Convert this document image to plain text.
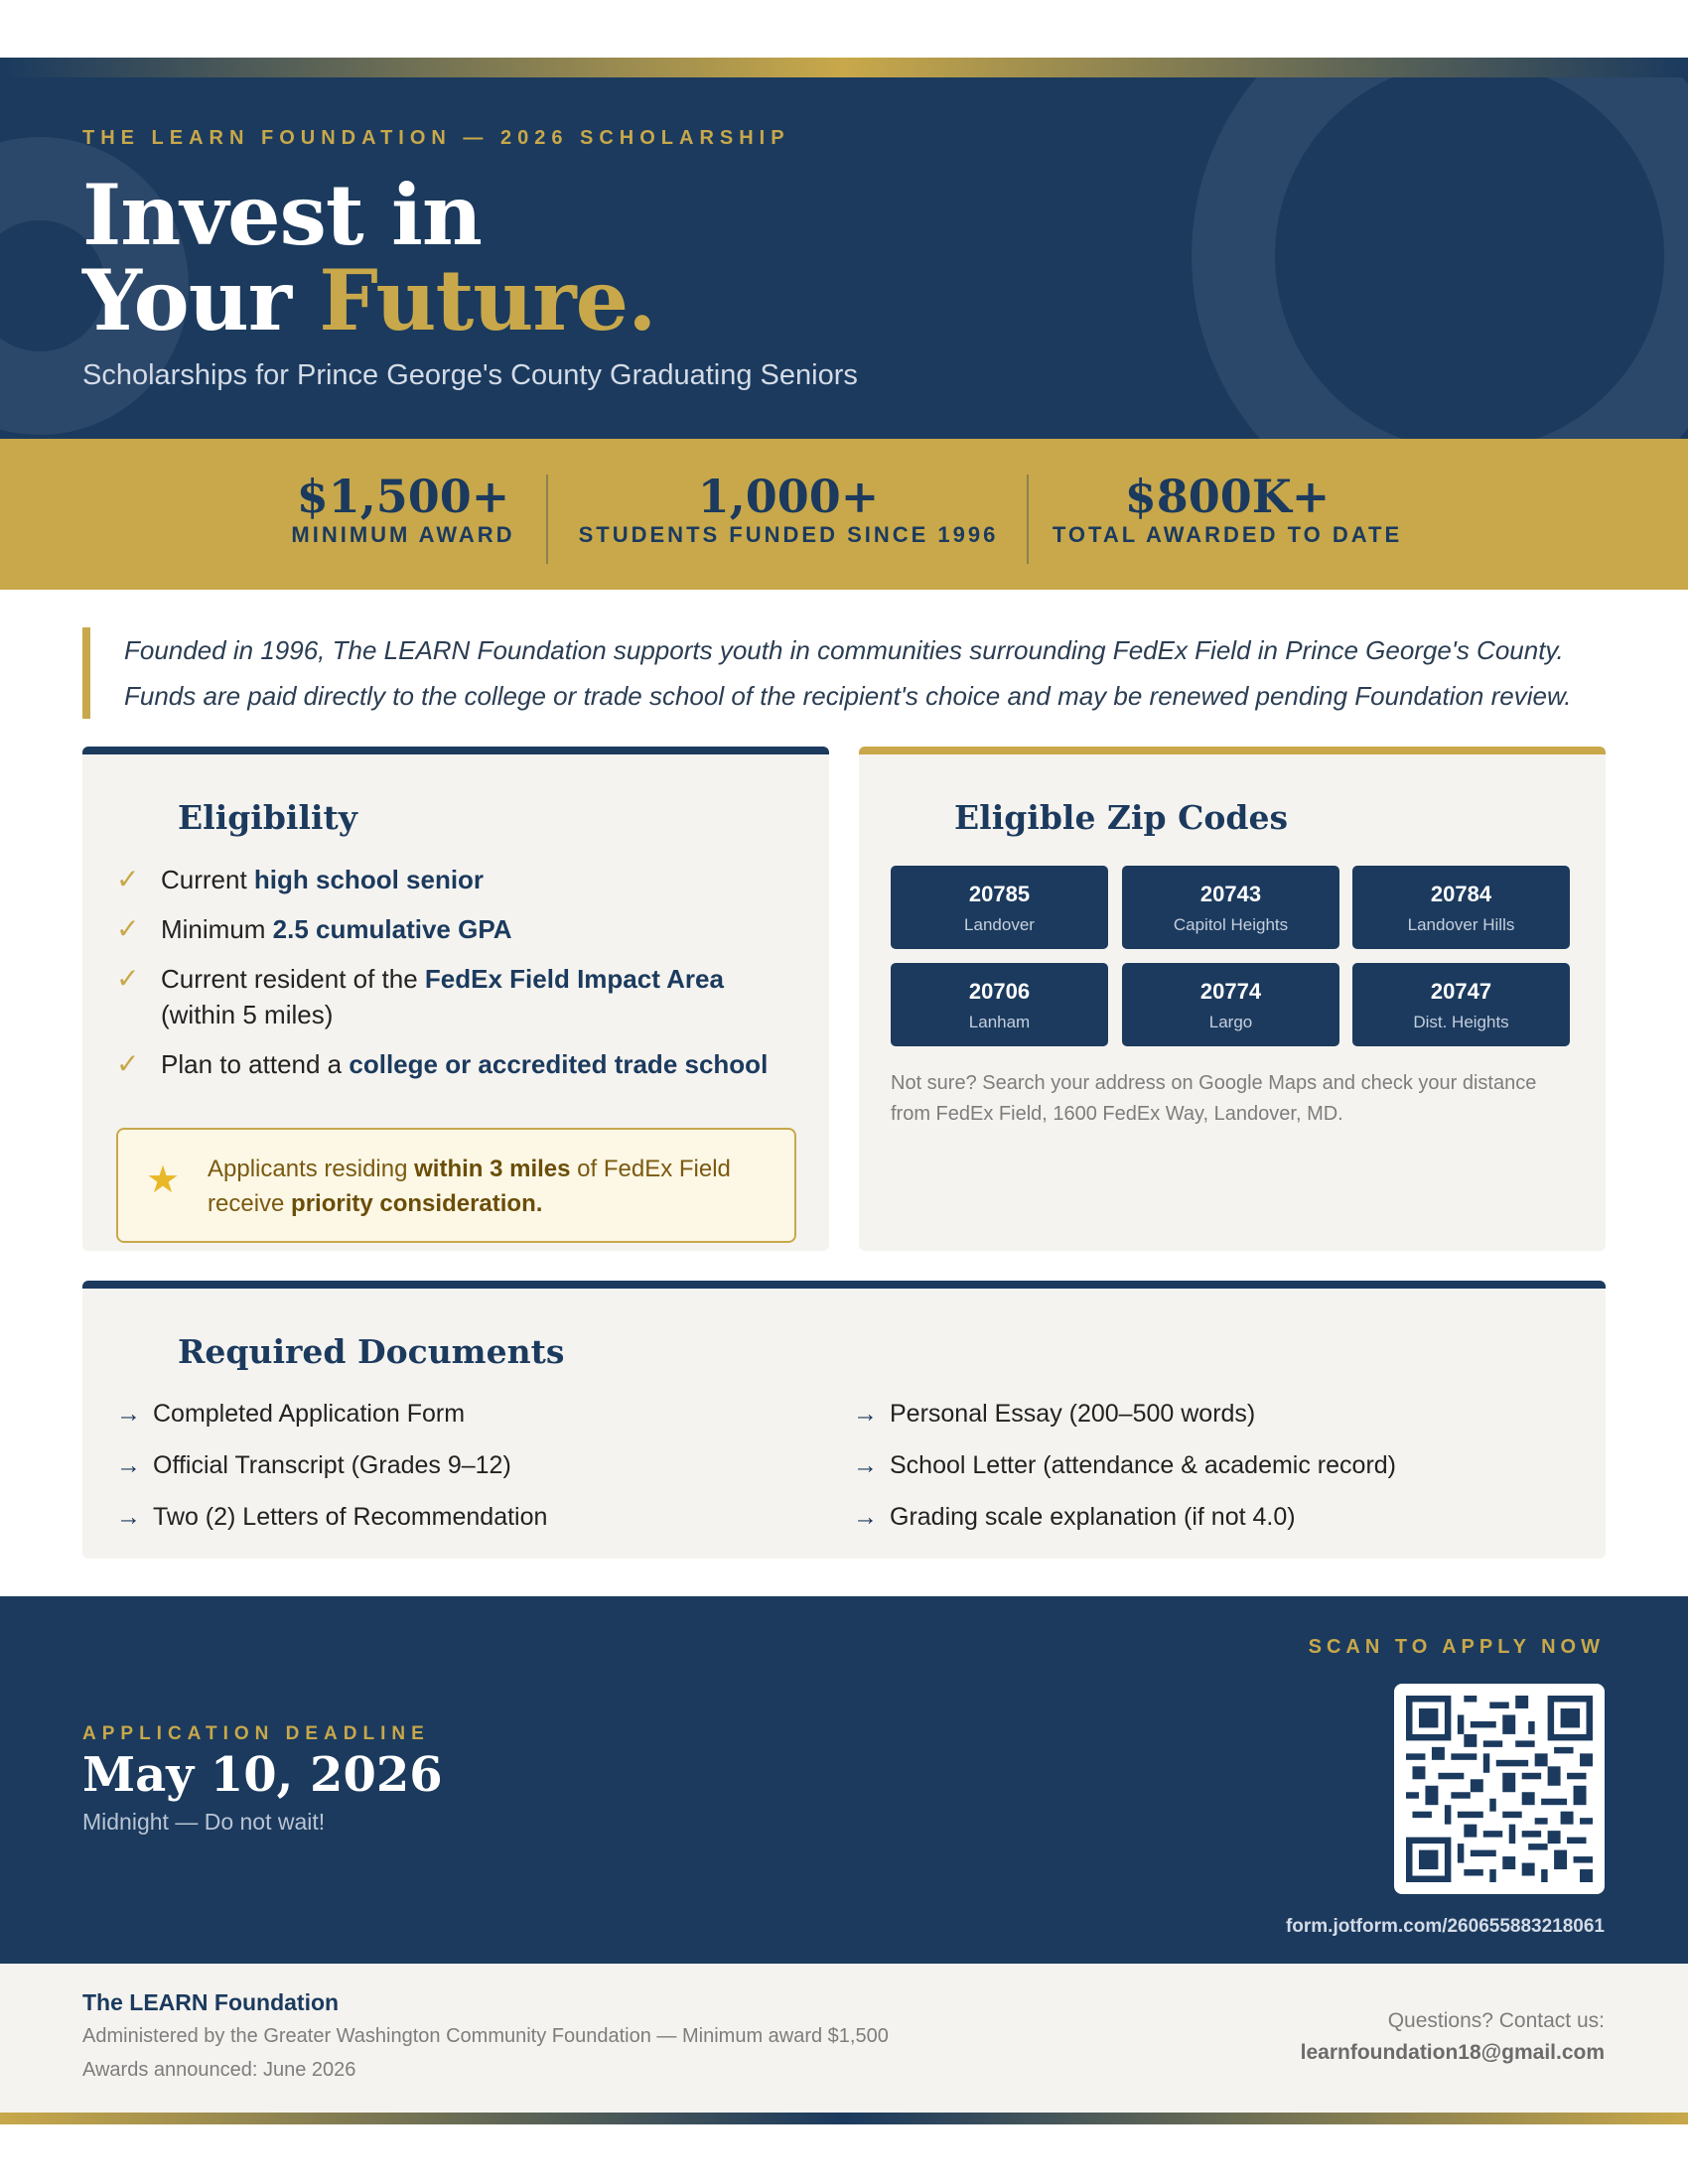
THE LEARN FOUNDATION — 2026 SCHOLARSHIP
Invest in
Your Future.
Scholarships for Prince George's County Graduating Seniors
$1,500+
MINIMUM AWARD
1,000+
STUDENTS FUNDED SINCE 1996
$800K+
TOTAL AWARDED TO DATE

Founded in 1996, The LEARN Foundation supports youth in communities surrounding FedEx Field in Prince George's County.

Funds are paid directly to the college or trade school of the recipient's choice and may be renewed pending Foundation review.

Eligibility
✓ Current high school senior
✓ Minimum 2.5 cumulative GPA
✓ Current resident of the FedEx Field Impact Area (within 5 miles)
✓ Plan to attend a college or accredited trade school
★ Applicants residing within 3 miles of FedEx Field receive priority consideration.
Eligible Zip Codes
20785
Landover
20743
Capitol Heights
20784
Landover Hills
20706
Lanham
20774
Largo
20747
Dist. Heights
Not sure? Search your address on Google Maps and check your distance from FedEx Field, 1600 FedEx Way, Landover, MD.
Required Documents
→ Completed Application Form
→ Official Transcript (Grades 9–12)
→ Two (2) Letters of Recommendation
→ Personal Essay (200–500 words)
→ School Letter (attendance & academic record)
→ Grading scale explanation (if not 4.0)
APPLICATION DEADLINE
May 10, 2026
Midnight — Do not wait!
SCAN TO APPLY NOW
form.jotform.com/260655883218061
The LEARN Foundation
Administered by the Greater Washington Community Foundation — Minimum award $1,500
Awards announced: June 2026
Questions? Contact us:
learnfoundation18@gmail.com
